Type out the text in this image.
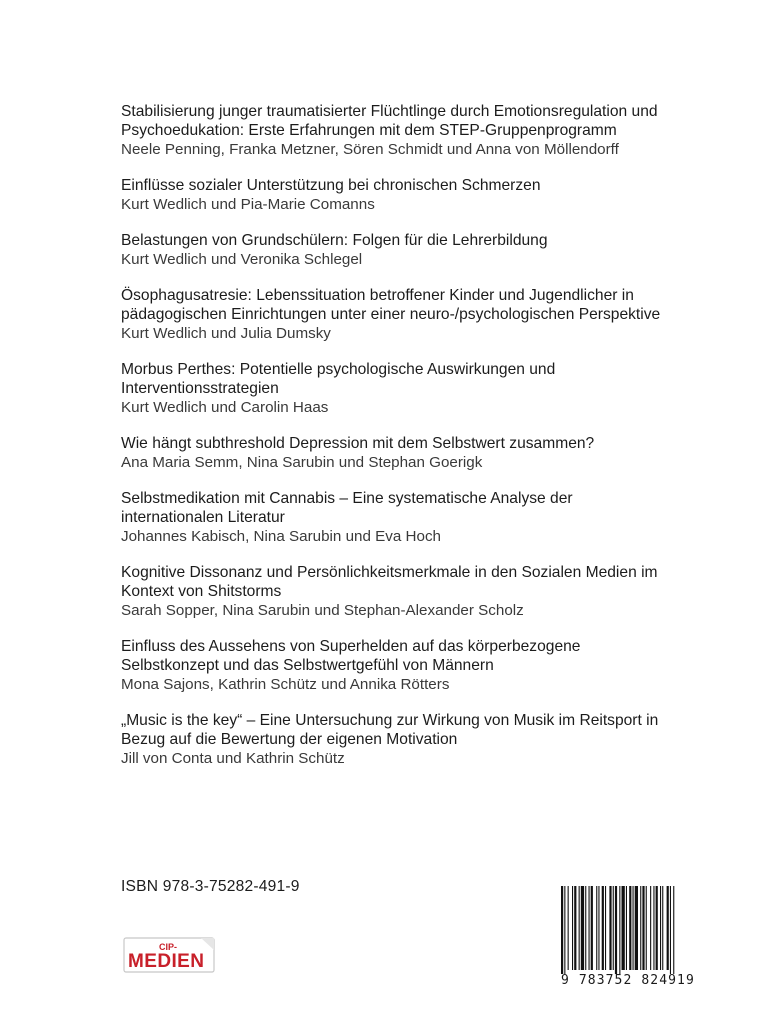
Stabilisierung junger traumatisierter Flüchtlinge durch Emotionsregulation und
Psychoedukation: Erste Erfahrungen mit dem STEP-Gruppenprogramm
Neele Penning, Franka Metzner, Sören Schmidt und Anna von Möllendorff
Einflüsse sozialer Unterstützung bei chronischen Schmerzen
Kurt Wedlich und Pia-Marie Comanns
Belastungen von Grundschülern: Folgen für die Lehrerbildung
Kurt Wedlich und Veronika Schlegel
Ösophagusatresie: Lebenssituation betroffener Kinder und Jugendlicher in
pädagogischen Einrichtungen unter einer neuro-/psychologischen Perspektive
Kurt Wedlich und Julia Dumsky
Morbus Perthes: Potentielle psychologische Auswirkungen und
Interventionsstrategien
Kurt Wedlich und Carolin Haas
Wie hängt subthreshold Depression mit dem Selbstwert zusammen?
Ana Maria Semm, Nina Sarubin und Stephan Goerigk
Selbstmedikation mit Cannabis – Eine systematische Analyse der
internationalen Literatur
Johannes Kabisch, Nina Sarubin und Eva Hoch
Kognitive Dissonanz und Persönlichkeitsmerkmale in den Sozialen Medien im
Kontext von Shitstorms
Sarah Sopper, Nina Sarubin und Stephan-Alexander Scholz
Einfluss des Aussehens von Superhelden auf das körperbezogene
Selbstkonzept und das Selbstwertgefühl von Männern
Mona Sajons, Kathrin Schütz und Annika Rötters
„Music is the key“ – Eine Untersuchung zur Wirkung von Musik im Reitsport in
Bezug auf die Bewertung der eigenen Motivation
Jill von Conta und Kathrin Schütz
ISBN 978-3-75282-491-9
CIP-
MEDIEN
9 783752 824919
